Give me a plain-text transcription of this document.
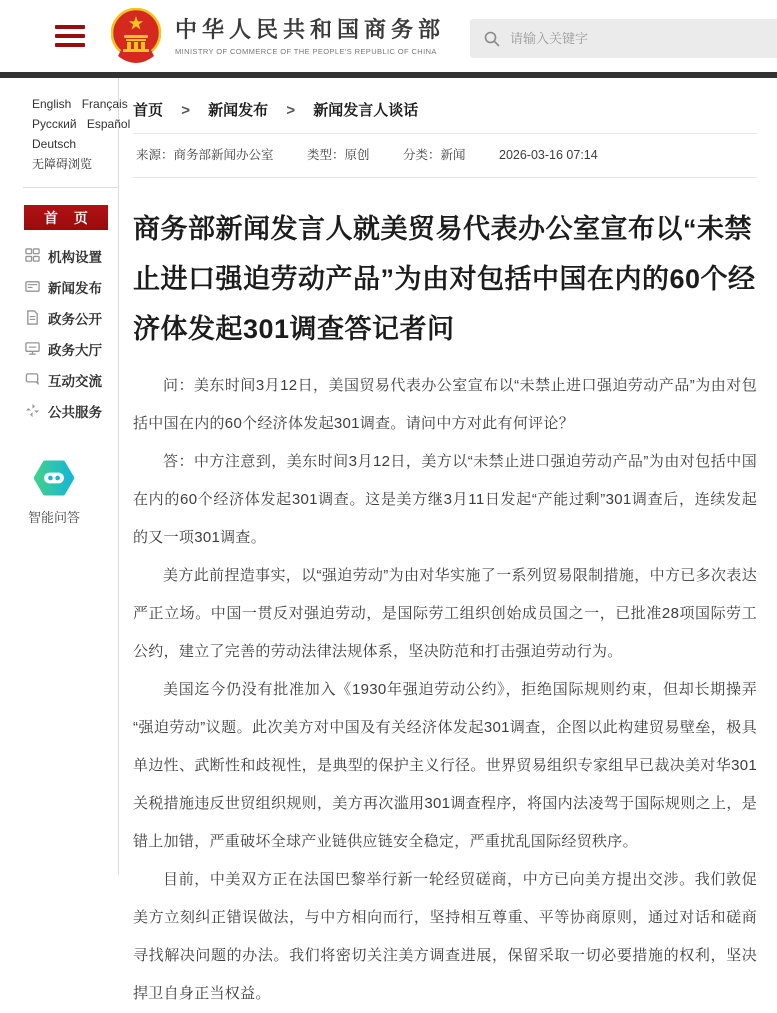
中华人民共和国商务部
MINISTRY OF COMMERCE OF THE PEOPLE'S REPUBLIC OF CHINA
请输入关键字
English Français
Русский Español
Deutsch
无障碍浏览
首 页
机构设置
新闻发布
政务公开
政务大厅
互动交流
公共服务
智能问答
首页 > 新闻发布 > 新闻发言人谈话
来源：商务部新闻办公室	类型：原创	分类：新闻	2026-03-16 07:14
商务部新闻发言人就美贸易代表办公室宣布以“未禁止进口强迫劳动产品”为由对包括中国在内的60个经济体发起301调查答记者问

问：美东时间3月12日，美国贸易代表办公室宣布以“未禁止进口强迫劳动产品”为由对包括中国在内的60个经济体发起301调查。请问中方对此有何评论？

答：中方注意到，美东时间3月12日，美方以“未禁止进口强迫劳动产品”为由对包括中国在内的60个经济体发起301调查。这是美方继3月11日发起“产能过剩”301调查后，连续发起的又一项301调查。

美方此前捏造事实，以“强迫劳动”为由对华实施了一系列贸易限制措施，中方已多次表达严正立场。中国一贯反对强迫劳动，是国际劳工组织创始成员国之一，已批准28项国际劳工公约，建立了完善的劳动法律法规体系，坚决防范和打击强迫劳动行为。

美国迄今仍没有批准加入《1930年强迫劳动公约》，拒绝国际规则约束，但却长期操弄“强迫劳动”议题。此次美方对中国及有关经济体发起301调查，企图以此构建贸易壁垒，极具单边性、武断性和歧视性，是典型的保护主义行径。世界贸易组织专家组早已裁决美对华301关税措施违反世贸组织规则，美方再次滥用301调查程序，将国内法凌驾于国际规则之上，是错上加错，严重破坏全球产业链供应链安全稳定，严重扰乱国际经贸秩序。

目前，中美双方正在法国巴黎举行新一轮经贸磋商，中方已向美方提出交涉。我们敦促美方立刻纠正错误做法，与中方相向而行，坚持相互尊重、平等协商原则，通过对话和磋商寻找解决问题的办法。我们将密切关注美方调查进展，保留采取一切必要措施的权利，坚决捍卫自身正当权益。
